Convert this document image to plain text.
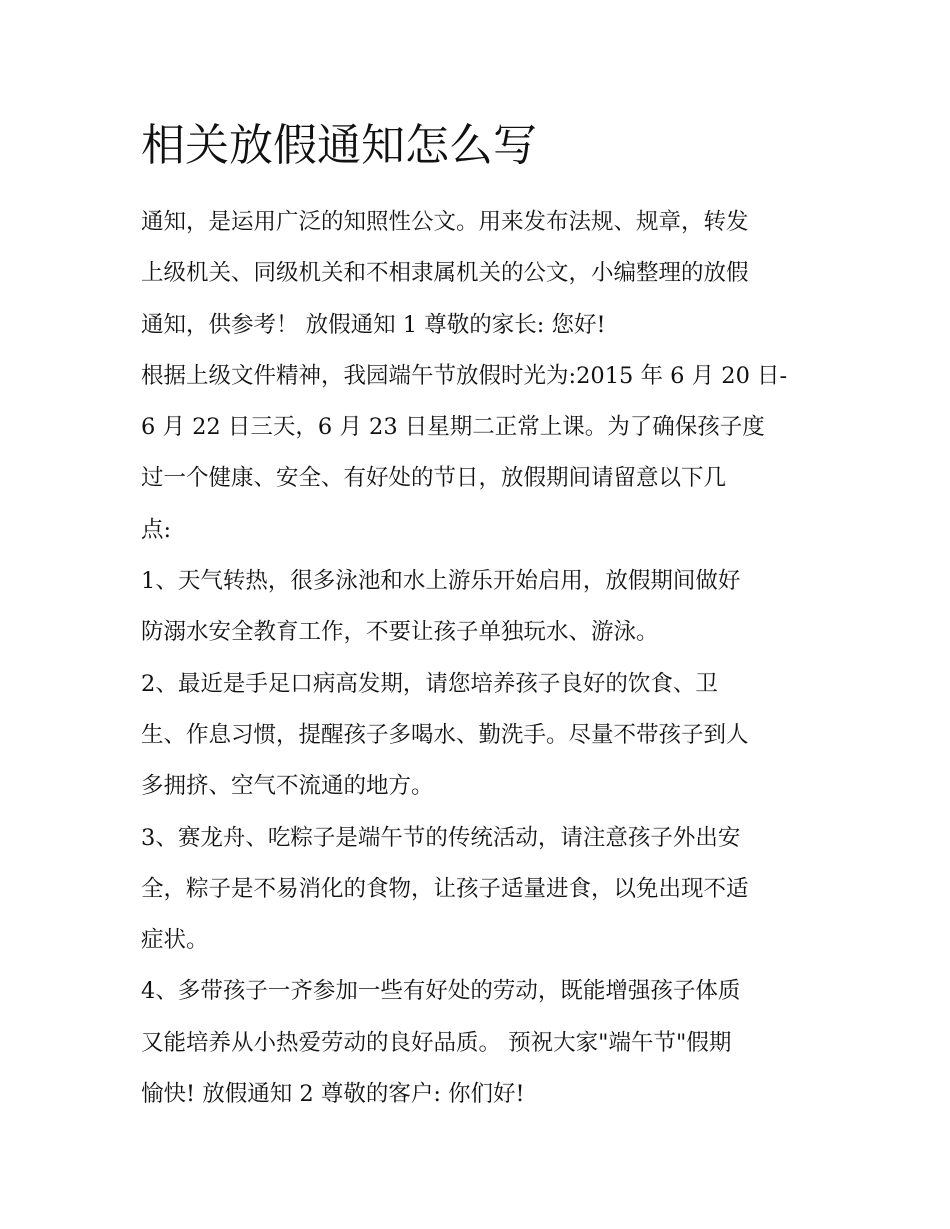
相关放假通知怎么写
通知，是运用广泛的知照性公文。用来发布法规、规章，转发
上级机关、同级机关和不相隶属机关的公文，小编整理的放假
通知，供参考！ 放假通知 1 尊敬的家长: 您好!
根据上级文件精神，我园端午节放假时光为:2015 年 6 月 20 日-
6 月 22 日三天，6 月 23 日星期二正常上课。为了确保孩子度
过一个健康、安全、有好处的节日，放假期间请留意以下几
点:
1、天气转热，很多泳池和水上游乐开始启用，放假期间做好
防溺水安全教育工作，不要让孩子单独玩水、游泳。
2、最近是手足口病高发期，请您培养孩子良好的饮食、卫
生、作息习惯，提醒孩子多喝水、勤洗手。尽量不带孩子到人
多拥挤、空气不流通的地方。
3、赛龙舟、吃粽子是端午节的传统活动，请注意孩子外出安
全，粽子是不易消化的食物，让孩子适量进食，以免出现不适
症状。
4、多带孩子一齐参加一些有好处的劳动，既能增强孩子体质
又能培养从小热爱劳动的良好品质。 预祝大家"端午节"假期
愉快! 放假通知 2 尊敬的客户: 你们好!
